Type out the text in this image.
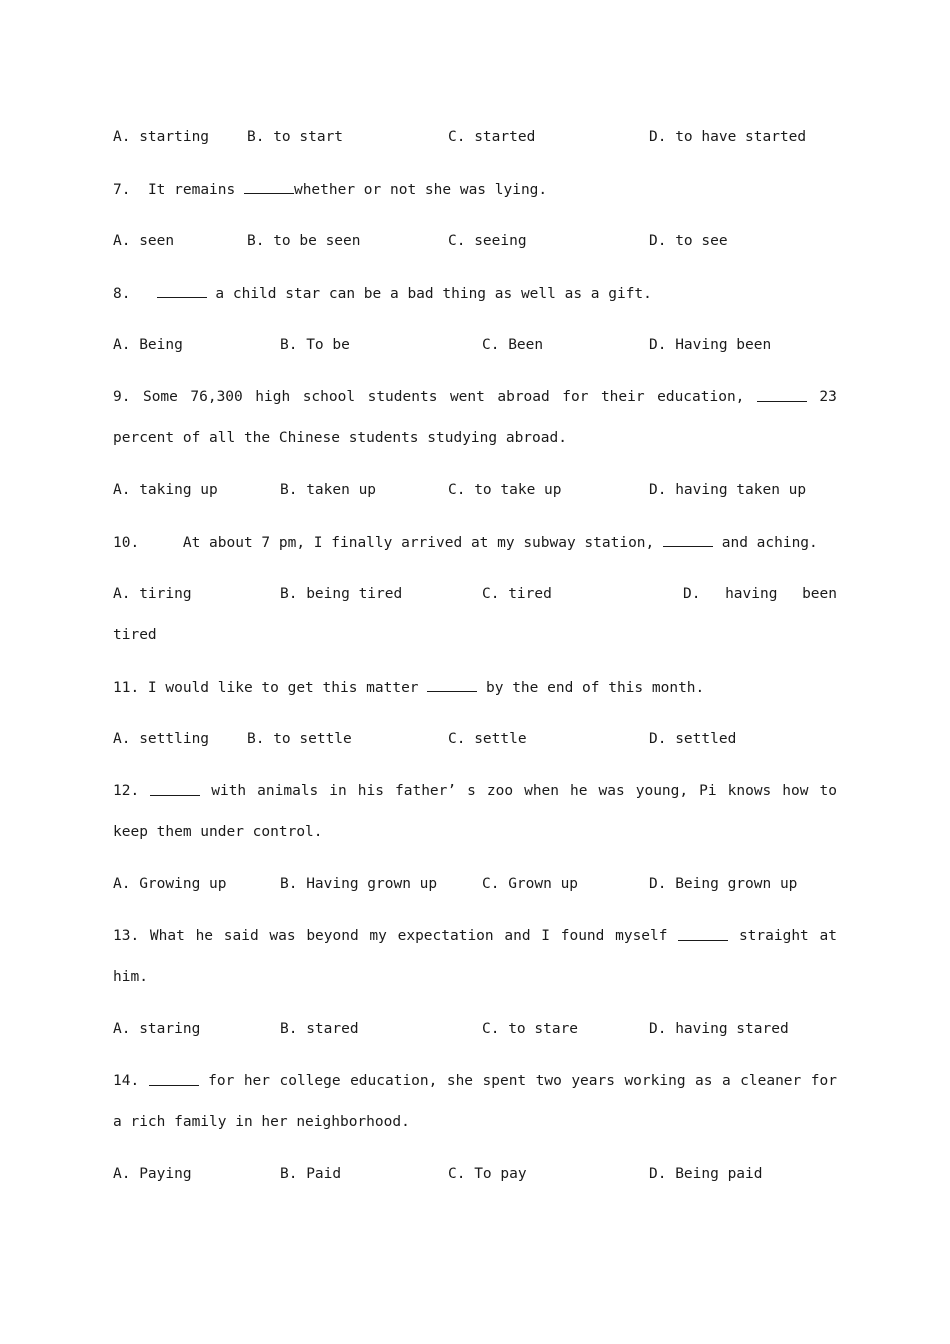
A. starting	B. to start	C. started	D. to have started
7. It remains	whether or not she was lying.
A. seen	B. to be seen	C. seeing	D. to see
8.	a child star can be a bad thing as well as a gift.
A. Being	B. To be	C. Been	D. Having been
9. Some 76,300 high school students went abroad for their education,	23
percent of all the Chinese students studying abroad.
A. taking up	B. taken up	C. to take up	D. having taken up
10.	At about 7 pm, I finally arrived at my subway station,	and aching.
A. tiring	B. being tired	C. tired	D. having been
tired
11. I would like to get this matter	by the end of this month.
A. settling	B. to settle	C. settle	D. settled
12.	with animals in his father’ s zoo when he was young, Pi knows how to
keep them under control.
A. Growing up	B. Having grown up	C. Grown up	D. Being grown up
13. What he said was beyond my expectation and I found myself	straight at
him.
A. staring	B. stared	C. to stare	D. having stared
14.	for her college education, she spent two years working as a cleaner for
a rich family in her neighborhood.
A. Paying	B. Paid	C. To pay	D. Being paid
